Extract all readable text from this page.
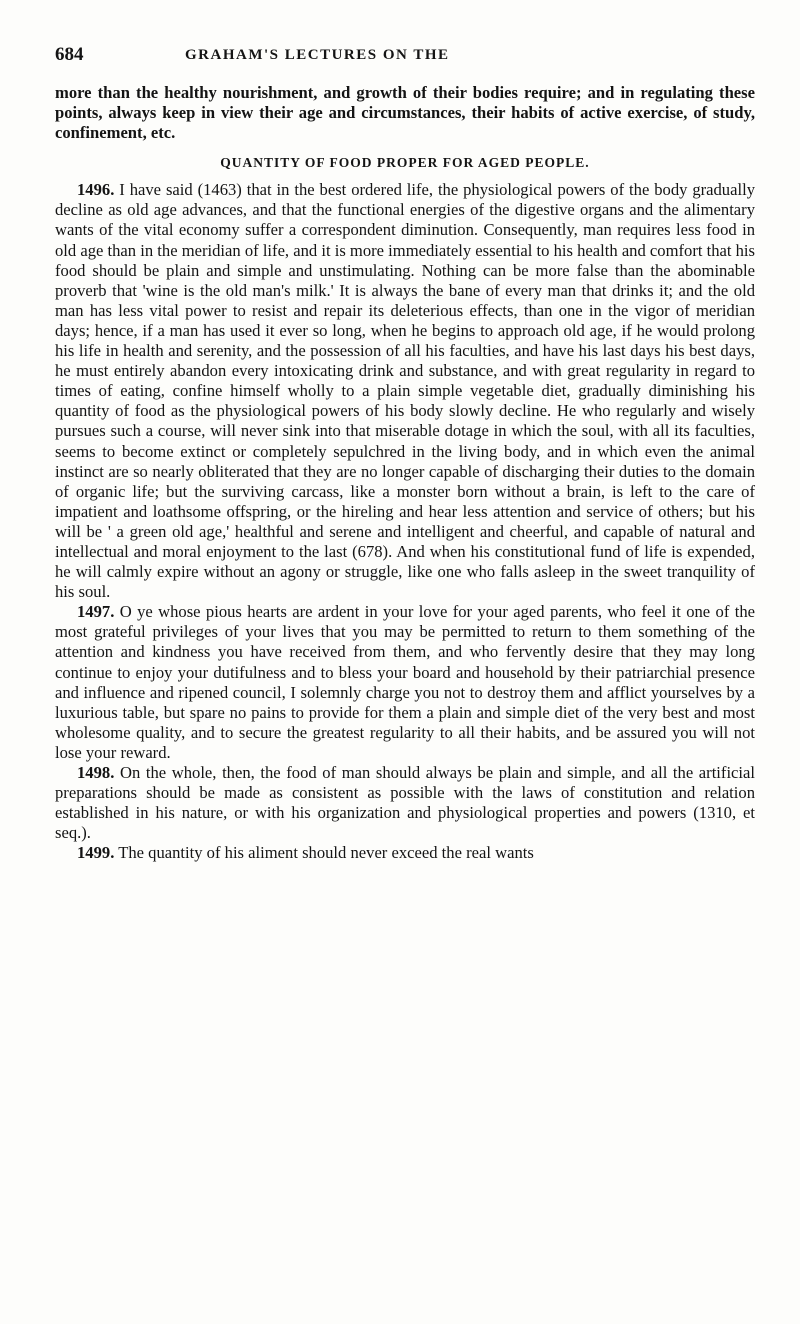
684	GRAHAM'S LECTURES ON THE

more than the healthy nourishment, and growth of their bodies require; and in regulating these points, always keep in view their age and circumstances, their habits of active exercise, of study, confinement, etc.

QUANTITY OF FOOD PROPER FOR AGED PEOPLE.

1496. I have said (1463) that in the best ordered life, the physiological powers of the body gradually decline as old age advances, and that the functional energies of the digestive organs and the alimentary wants of the vital economy suffer a correspondent diminution. Consequently, man requires less food in old age than in the meridian of life, and it is more immediately essential to his health and comfort that his food should be plain and simple and unstimulating. Nothing can be more false than the abominable proverb that 'wine is the old man's milk.' It is always the bane of every man that drinks it; and the old man has less vital power to resist and repair its deleterious effects, than one in the vigor of meridian days; hence, if a man has used it ever so long, when he begins to approach old age, if he would prolong his life in health and serenity, and the possession of all his faculties, and have his last days his best days, he must entirely abandon every intoxicating drink and substance, and with great regularity in regard to times of eating, confine himself wholly to a plain simple vegetable diet, gradually diminishing his quantity of food as the physiological powers of his body slowly decline. He who regularly and wisely pursues such a course, will never sink into that miserable dotage in which the soul, with all its faculties, seems to become extinct or completely sepulchred in the living body, and in which even the animal instinct are so nearly obliterated that they are no longer capable of discharging their duties to the domain of organic life; but the surviving carcass, like a monster born without a brain, is left to the care of impatient and loathsome offspring, or the hireling and hear less attention and service of others; but his will be ' a green old age,' healthful and serene and intelligent and cheerful, and capable of natural and intellectual and moral enjoyment to the last (678). And when his constitutional fund of life is expended, he will calmly expire without an agony or struggle, like one who falls asleep in the sweet tranquility of his soul.

1497. O ye whose pious hearts are ardent in your love for your aged parents, who feel it one of the most grateful privileges of your lives that you may be permitted to return to them something of the attention and kindness you have received from them, and who fervently desire that they may long continue to enjoy your dutifulness and to bless your board and household by their patriarchial presence and influence and ripened council, I solemnly charge you not to destroy them and afflict yourselves by a luxurious table, but spare no pains to provide for them a plain and simple diet of the very best and most wholesome quality, and to secure the greatest regularity to all their habits, and be assured you will not lose your reward.

1498. On the whole, then, the food of man should always be plain and simple, and all the artificial preparations should be made as consistent as possible with the laws of constitution and relation established in his nature, or with his organization and physiological properties and powers (1310, et seq.).

1499. The quantity of his aliment should never exceed the real wants
